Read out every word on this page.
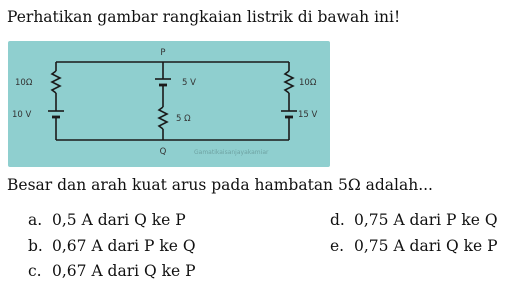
Perhatikan gambar rangkaian listrik di bawah ini!
P
Q
10Ω
10 V
5 V
5 Ω
10Ω
15 V
Gamatikaisanjayakamiar
Besar dan arah kuat arus pada hambatan 5Ω adalah...
a. 0,5 A dari Q ke P
b. 0,67 A dari P ke Q
c. 0,67 A dari Q ke P
d. 0,75 A dari P ke Q
e. 0,75 A dari Q ke P
